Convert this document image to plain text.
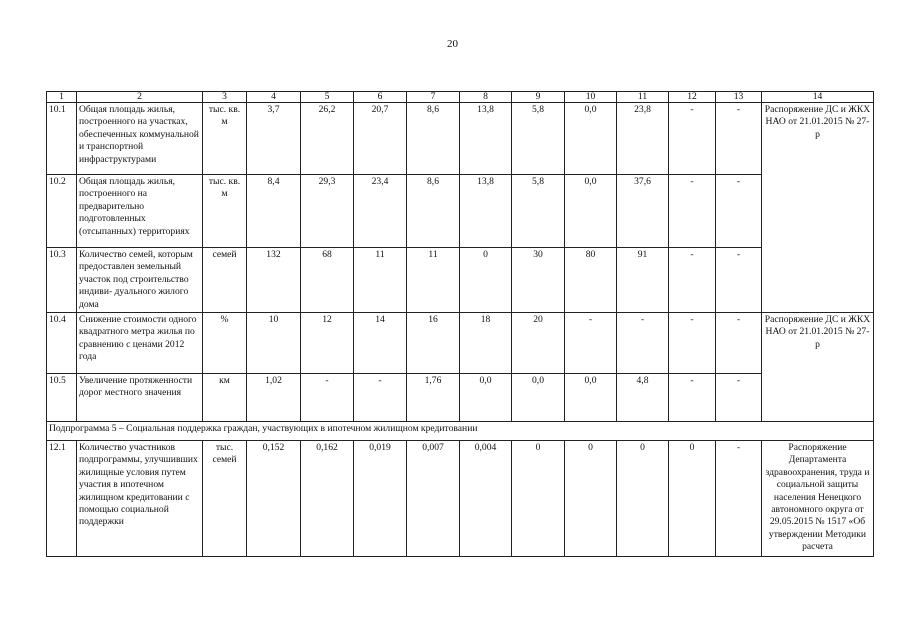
20
1	2	3	4	5	6	7	8	9	10	11	12	13	14
10.1	Общая площадь жилья, построенного на участках, обеспеченных коммунальной и транспортной инфраструктурами	тыс. кв. м	3,7	26,2	20,7	8,6	13,8	5,8	0,0	23,8	-	-	Распоряжение ДС и ЖКХ НАО от 21.01.2015 № 27-р
10.2	Общая площадь жилья, построенного на предварительно подготовленных (отсыпанных) территориях	тыс. кв. м	8,4	29,3	23,4	8,6	13,8	5,8	0,0	37,6	-	-	
10.3	Количество семей, которым предоставлен земельный участок под строительство индиви- дуального жилого дома	семей	132	68	11	11	0	30	80	91	-	-	
10.4	Снижение стоимости одного квадратного метра жилья по сравнению с ценами 2012 года	%	10	12	14	16	18	20	-	-	-	-	Распоряжение ДС и ЖКХ НАО от 21.01.2015 № 27-р
10.5	Увеличение протяженности дорог местного значения	км	1,02	-	-	1,76	0,0	0,0	0,0	4,8	-	-	
Подпрограмма 5 – Социальная поддержка граждан, участвующих в ипотечном жилищном кредитовании													
12.1	Количество участников подпрограммы, улучшивших жилищные условия путем участия в ипотечном жилищном кредитовании с помощью социальной поддержки	тыс. семей	0,152	0,162	0,019	0,007	0,004	0	0	0	0	-	Распоряжение Департамента здравоохранения, труда и социальной защиты населения Ненецкого автономного округа от 29.05.2015 № 1517 «Об утверждении Методики расчета
